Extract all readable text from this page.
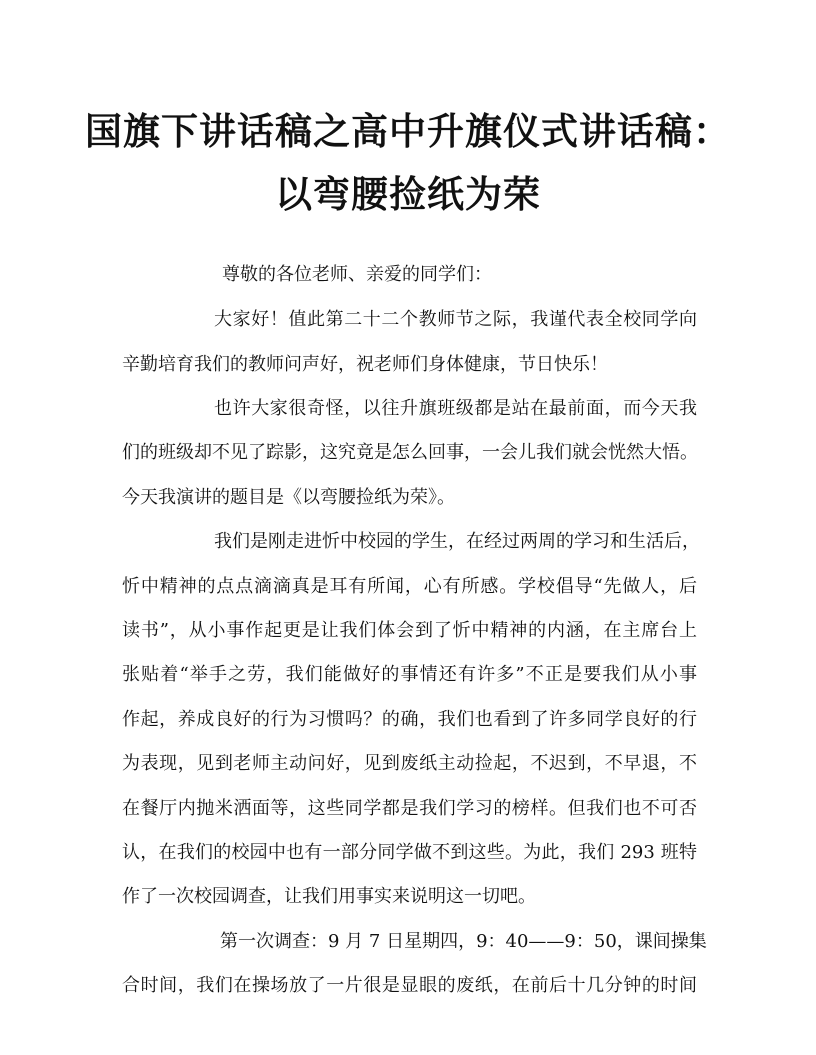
国旗下讲话稿之高中升旗仪式讲话稿：
以弯腰捡纸为荣
尊敬的各位老师、亲爱的同学们：
大家好！值此第二十二个教师节之际，我谨代表全校同学向
辛勤培育我们的教师问声好，祝老师们身体健康，节日快乐！
也许大家很奇怪，以往升旗班级都是站在最前面，而今天我
们的班级却不见了踪影，这究竟是怎么回事，一会儿我们就会恍然大悟。
今天我演讲的题目是《以弯腰捡纸为荣》。
我们是刚走进忻中校园的学生，在经过两周的学习和生活后，
忻中精神的点点滴滴真是耳有所闻，心有所感。学校倡导“先做人，后
读书”，从小事作起更是让我们体会到了忻中精神的内涵，在主席台上
张贴着“举手之劳，我们能做好的事情还有许多”不正是要我们从小事
作起，养成良好的行为习惯吗？的确，我们也看到了许多同学良好的行
为表现，见到老师主动问好，见到废纸主动捡起，不迟到，不早退，不
在餐厅内抛米洒面等，这些同学都是我们学习的榜样。但我们也不可否
认，在我们的校园中也有一部分同学做不到这些。为此，我们 293 班特
作了一次校园调查，让我们用事实来说明这一切吧。
第一次调查：9 月 7 日星期四，9：40——9：50，课间操集
合时间，我们在操场放了一片很是显眼的废纸，在前后十几分钟的时间
